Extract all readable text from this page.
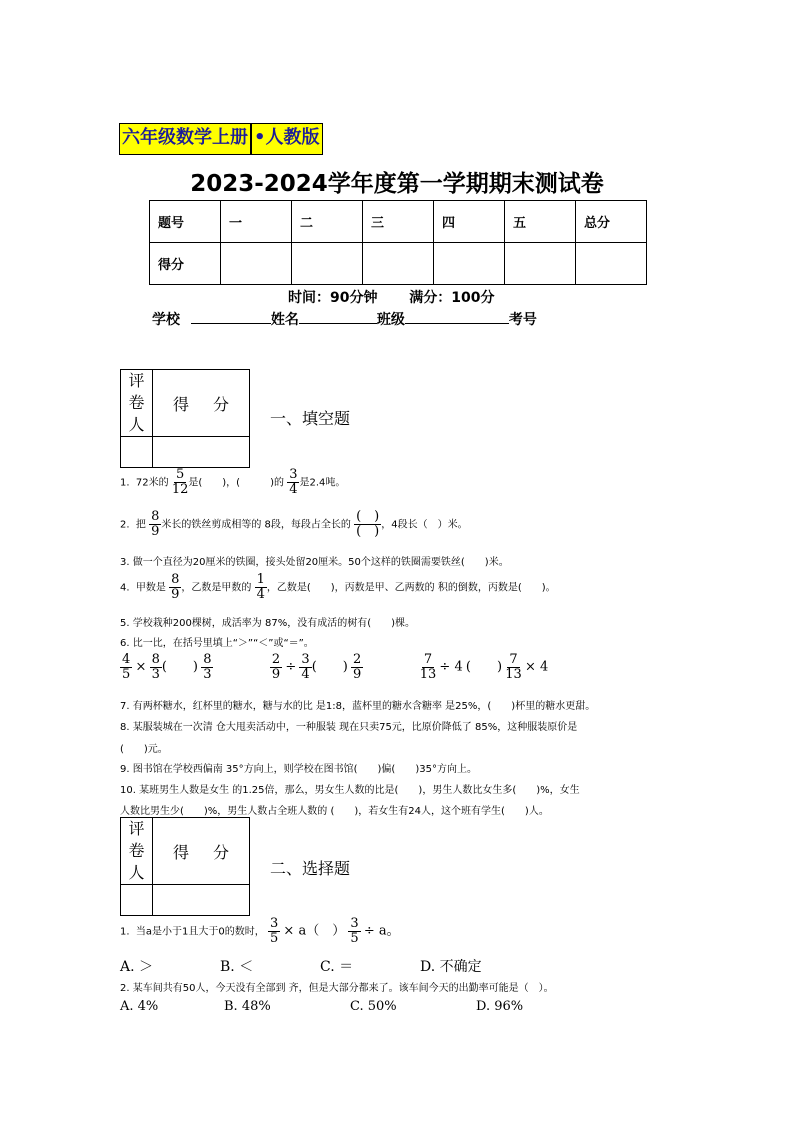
六年级数学上册 •人教版
2023-2024学年度第一学期期末测试卷
题号	一	二	三	四	五	总分
得分						
时间：90分钟 满分：100分
学校	姓名	班级	考号
评
卷人	得 分

一、填空题
1. 72米的 $\frac{5}{12}$ 是( )，(	)的 $\frac{3}{4}$ 是2.4吨。
2. 把 $\frac{8}{9}$ 米长的铁丝剪成相等的 8段，每段占全长的 $\frac{( )}{( )}$ ，4段长（　）米。
3. 做一个直径为20厘米的铁圈，接头处留20厘米。50个这样的铁圈需要铁丝(　　)米。
4. 甲数是 $\frac{8}{9}$ ，乙数是甲数的 $\frac{1}{4}$ ，乙数是(　　)，丙数是甲、乙两数的 积的倒数，丙数是(　　)。
5. 学校栽种200棵树，成活率为 87%，没有成活的树有(　　)棵。
6. 比一比，在括号里填上“＞”“＜”或“＝”。
$\frac{4}{5} \times \frac{8}{3}$ (　　) $\frac{8}{3}$
	$\frac{2}{9} \div \frac{3}{4}$ (　　) $\frac{2}{9}$
	$\frac{7}{13} \div 4$ (　　) $\frac{7}{13} \times 4$
7. 有两杯糖水，红杯里的糖水，糖与水的比 是1:8，蓝杯里的糖水含糖率 是25%，(　　)杯里的糖水更甜。
8. 某服装城在一次清 仓大甩卖活动中，一种服装 现在只卖75元，比原价降低了 85%，这种服装原价是
(　　)元。
9. 图书馆在学校西偏南 35°方向上，则学校在图书馆(　　)偏(　　)35°方向上。
10. 某班男生人数是女生 的1.25倍，那么，男女生人数的比是(　　)，男生人数比女生多(　　)%，女生
人数比男生少(　　)%，男生人数占全班人数的 (　　)，若女生有24人，这个班有学生(　　)人。
评
卷人	得 分

二、选择题
1. 当a是小于1且大于0的数时， $\frac{3}{5} \times a$（　） $\frac{3}{5} \div a$。
A. ＞	B. ＜	C. ＝	D. 不确定
2. 某车间共有50人，今天没有全部到 齐，但是大部分都来了。该车间今天的出勤率可能是（　）。
A. 4%	B. 48%	C. 50%	D. 96%
